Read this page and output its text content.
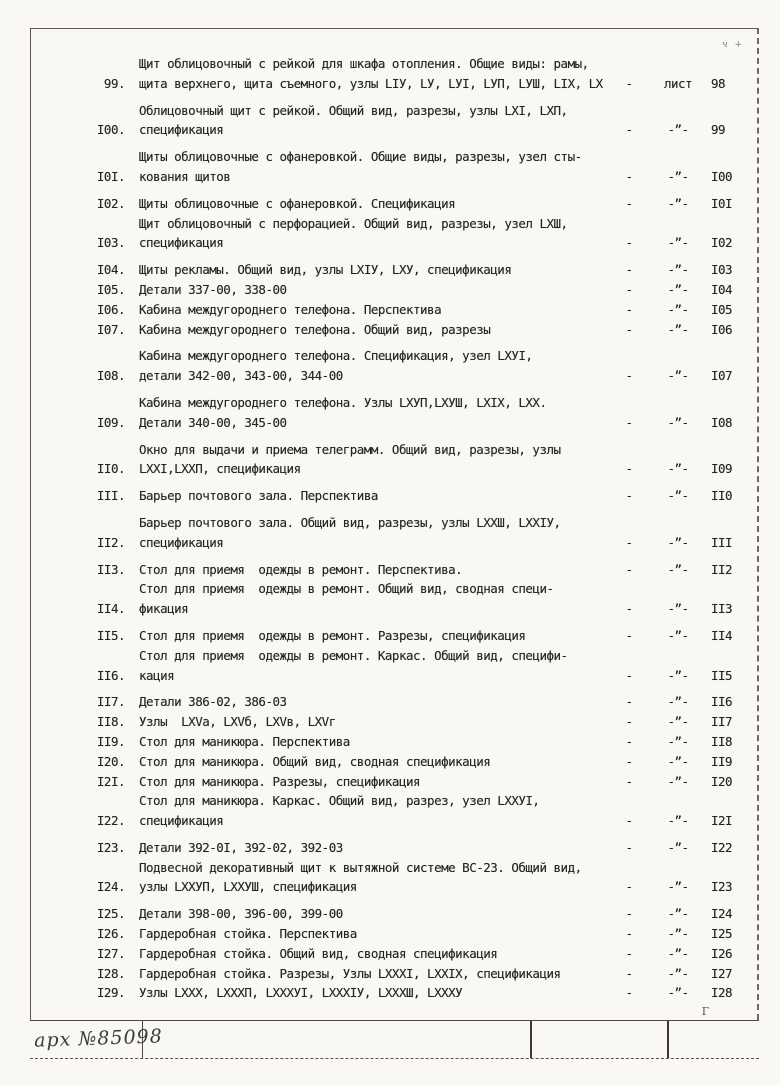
ч +
99.
Щит облицовочный с рейкой для шкафа отопления. Общие виды: рамы,
щита верхнего, щита съемного, узлы LIУ, LУ, LУI, LУП, LУШ, LIX, LX	-	лист	98
I00.
Облицовочный щит с рейкой. Общий вид, разрезы, узлы LXI, LХП,
спецификация	-	-”-	99
I0I.
Щиты облицовочные с офанеровкой. Общие виды, разрезы, узел сты-
кования щитов	-	-”-	I00
I02.	Щиты облицовочные с офанеровкой. Спецификация	-	-”-	I0I
I03.
Щит облицовочный с перфорацией. Общий вид, разрезы, узел LXШ,
спецификация	-	-”-	I02
I04.	Щиты рекламы. Общий вид, узлы LXIУ, LXУ, спецификация	-	-”-	I03
I05.	Детали 337-00, 338-00	-	-”-	I04
I06.	Кабина междугороднего телефона. Перспектива	-	-”-	I05
I07.	Кабина междугороднего телефона. Общий вид, разрезы	-	-”-	I06
I08.
Кабина междугороднего телефона. Спецификация, узел LXУI,
детали 342-00, 343-00, 344-00	-	-”-	I07
I09.
Кабина междугороднего телефона. Узлы LXУП,LXУШ, LXIX, LXX.
Детали 340-00, 345-00	-	-”-	I08
II0.
Окно для выдачи и приема телеграмм. Общий вид, разрезы, узлы
LXXI,LXXП, спецификация	-	-”-	I09
III.	Барьер почтового зала. Перспектива	-	-”-	II0
II2.
Барьер почтового зала. Общий вид, разрезы, узлы LXXШ, LXXIУ,
спецификация	-	-”-	III
II3.	Стол для приемя  одежды в ремонт. Перспектива.	-	-”-	II2
II4.
Стол для приемя  одежды в ремонт. Общий вид, сводная специ-
фикация	-	-”-	II3
II5.	Стол для приемя  одежды в ремонт. Разрезы, спецификация	-	-”-	II4
II6.
Стол для приемя  одежды в ремонт. Каркас. Общий вид, специфи-
кация	-	-”-	II5
II7.	Детали 386-02, 386-03	-	-”-	II6
II8.	Узлы  LXVа, LXVб, LXVв, LXVг	-	-”-	II7
II9.	Стол для маникюра. Перспектива	-	-”-	II8
I20.	Стол для маникюра. Общий вид, сводная спецификация	-	-”-	II9
I2I.	Стол для маникюра. Разрезы, спецификация	-	-”-	I20
I22.
Стол для маникюра. Каркас. Общий вид, разрез, узел LXXУI,
спецификация	-	-”-	I2I
I23.	Детали 392-0I, 392-02, 392-03	-	-”-	I22
I24.
Подвесной декоративный щит к вытяжной системе ВС-23. Общий вид,
узлы LXXУП, LXXУШ, спецификация	-	-”-	I23
I25.	Детали 398-00, 396-00, 399-00	-	-”-	I24
I26.	Гардеробная стойка. Перспектива	-	-”-	I25
I27.	Гардеробная стойка. Общий вид, сводная спецификация	-	-”-	I26
I28.	Гардеробная стойка. Разрезы, Узлы LXXXI, LXXIX, спецификация	-	-”-	I27
I29.	Узлы LXXX, LXXXП, LXXXУI, LXXXIУ, LXXXШ, LXXXУ	-	-”-	I28
Г
арх №85098
